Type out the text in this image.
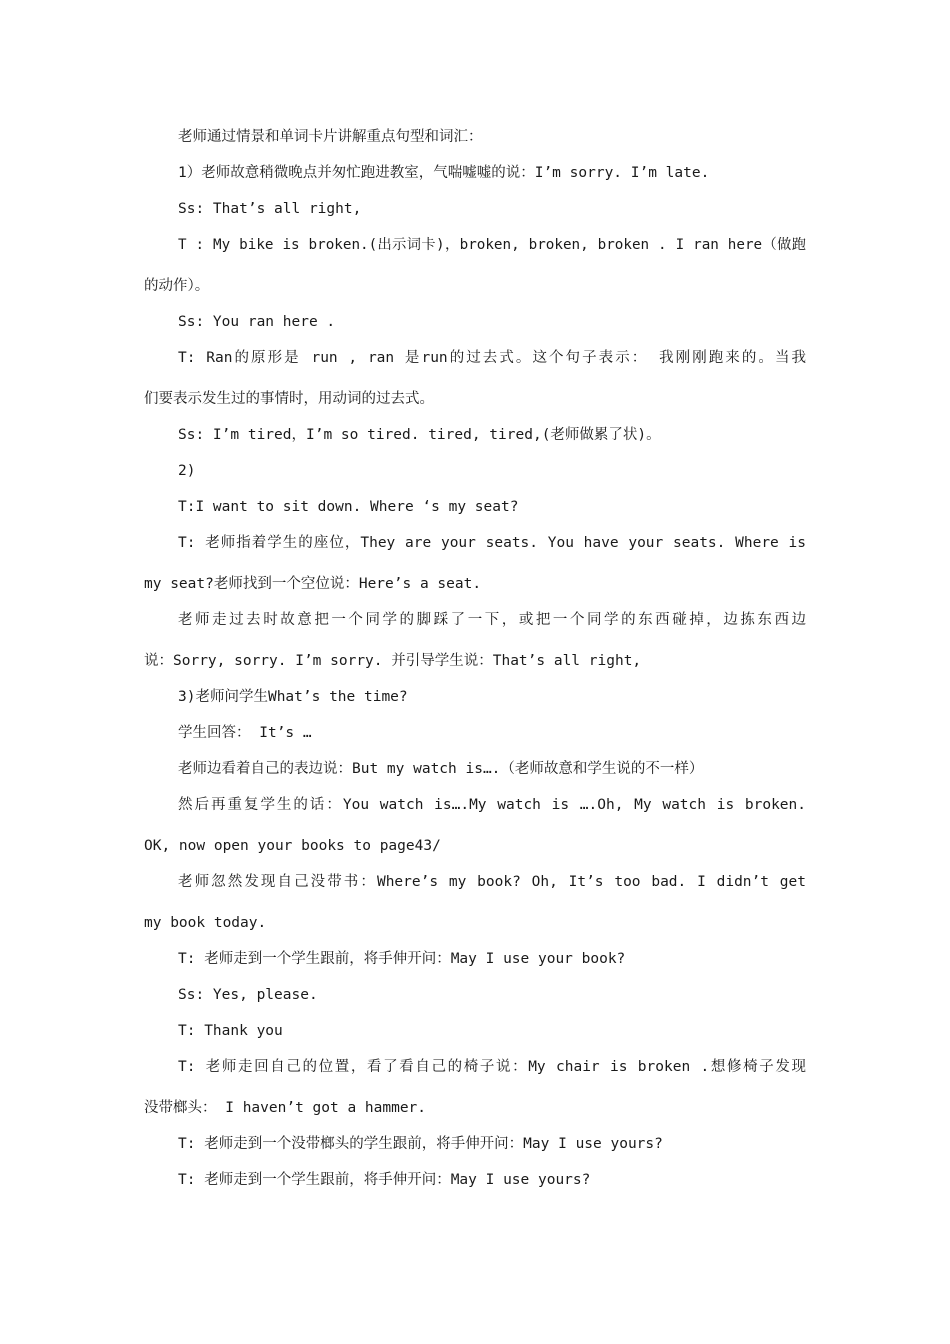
老师通过情景和单词卡片讲解重点句型和词汇：
1）老师故意稍微晚点并匆忙跑进教室，气喘嘘嘘的说：I’m sorry. I’m late.
Ss: That’s all right,
T : My bike is broken.(出示词卡)，broken, broken, broken . I ran here（做跑
的动作）。
Ss: You ran here .
T: Ran的原形是 run , ran 是run的过去式。这个句子表示： 我刚刚跑来的。当我
们要表示发生过的事情时，用动词的过去式。
Ss: I’m tired，I’m so tired. tired, tired,(老师做累了状)。
2)
T:I want to sit down. Where ‘s my seat?
T: 老师指着学生的座位，They are your seats. You have your seats. Where is
my seat?老师找到一个空位说：Here’s a seat.
老师走过去时故意把一个同学的脚踩了一下，或把一个同学的东西碰掉，边拣东西边
说：Sorry, sorry. I’m sorry. 并引导学生说：That’s all right,
3)老师问学生What’s the time?
学生回答： It’s …
老师边看着自己的表边说：But my watch is….（老师故意和学生说的不一样）
然后再重复学生的话：You watch is….My watch is ….Oh, My watch is broken.
OK, now open your books to page43/
老师忽然发现自己没带书：Where’s my book? Oh, It’s too bad. I didn’t get
my book today.
T: 老师走到一个学生跟前，将手伸开问：May I use your book?
Ss: Yes, please.
T: Thank you
T: 老师走回自己的位置，看了看自己的椅子说：My chair is broken .想修椅子发现
没带榔头： I haven’t got a hammer.
T: 老师走到一个没带榔头的学生跟前，将手伸开问：May I use yours?
T: 老师走到一个学生跟前，将手伸开问：May I use yours?
